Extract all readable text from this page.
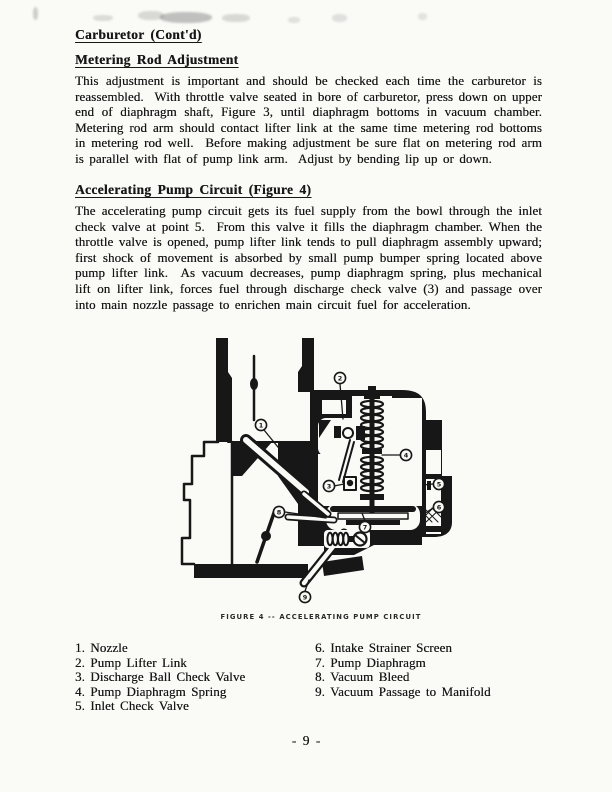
Carburetor (Cont'd)
Metering Rod Adjustment
This adjustment is important and should be checked each time the carburetor is reassembled.  With throttle valve seated in bore of carburetor, press down on upper end of diaphragm shaft, Figure 3, until diaphragm bottoms in vacuum chamber.  Metering rod arm should contact lifter link at the same time metering rod bottoms in metering rod well.  Before making adjustment be sure flat on metering rod arm is parallel with flat of pump link arm.  Adjust by bending lip up or down.
Accelerating Pump Circuit (Figure 4)
The accelerating pump circuit gets its fuel supply from the bowl through the inlet check valve at point 5.  From this valve it fills the diaphragm chamber. When the throttle valve is opened, pump lifter link tends to pull diaphragm assembly upward; first shock of movement is absorbed by small pump bumper spring located above pump lifter link.  As vacuum decreases, pump diaphragm spring, plus mechanical lift on lifter link, forces fuel through discharge check valve (3) and passage over into main nozzle passage to enrichen main circuit fuel for acceleration.
1
2
3
4
5
6
7
8
9
FIGURE 4 -- ACCELERATING PUMP CIRCUIT
1. Nozzle
2. Pump Lifter Link
3. Discharge Ball Check Valve
4. Pump Diaphragm Spring
5. Inlet Check Valve
6. Intake Strainer Screen
7. Pump Diaphragm
8. Vacuum Bleed
9. Vacuum Passage to Manifold
- 9 -
